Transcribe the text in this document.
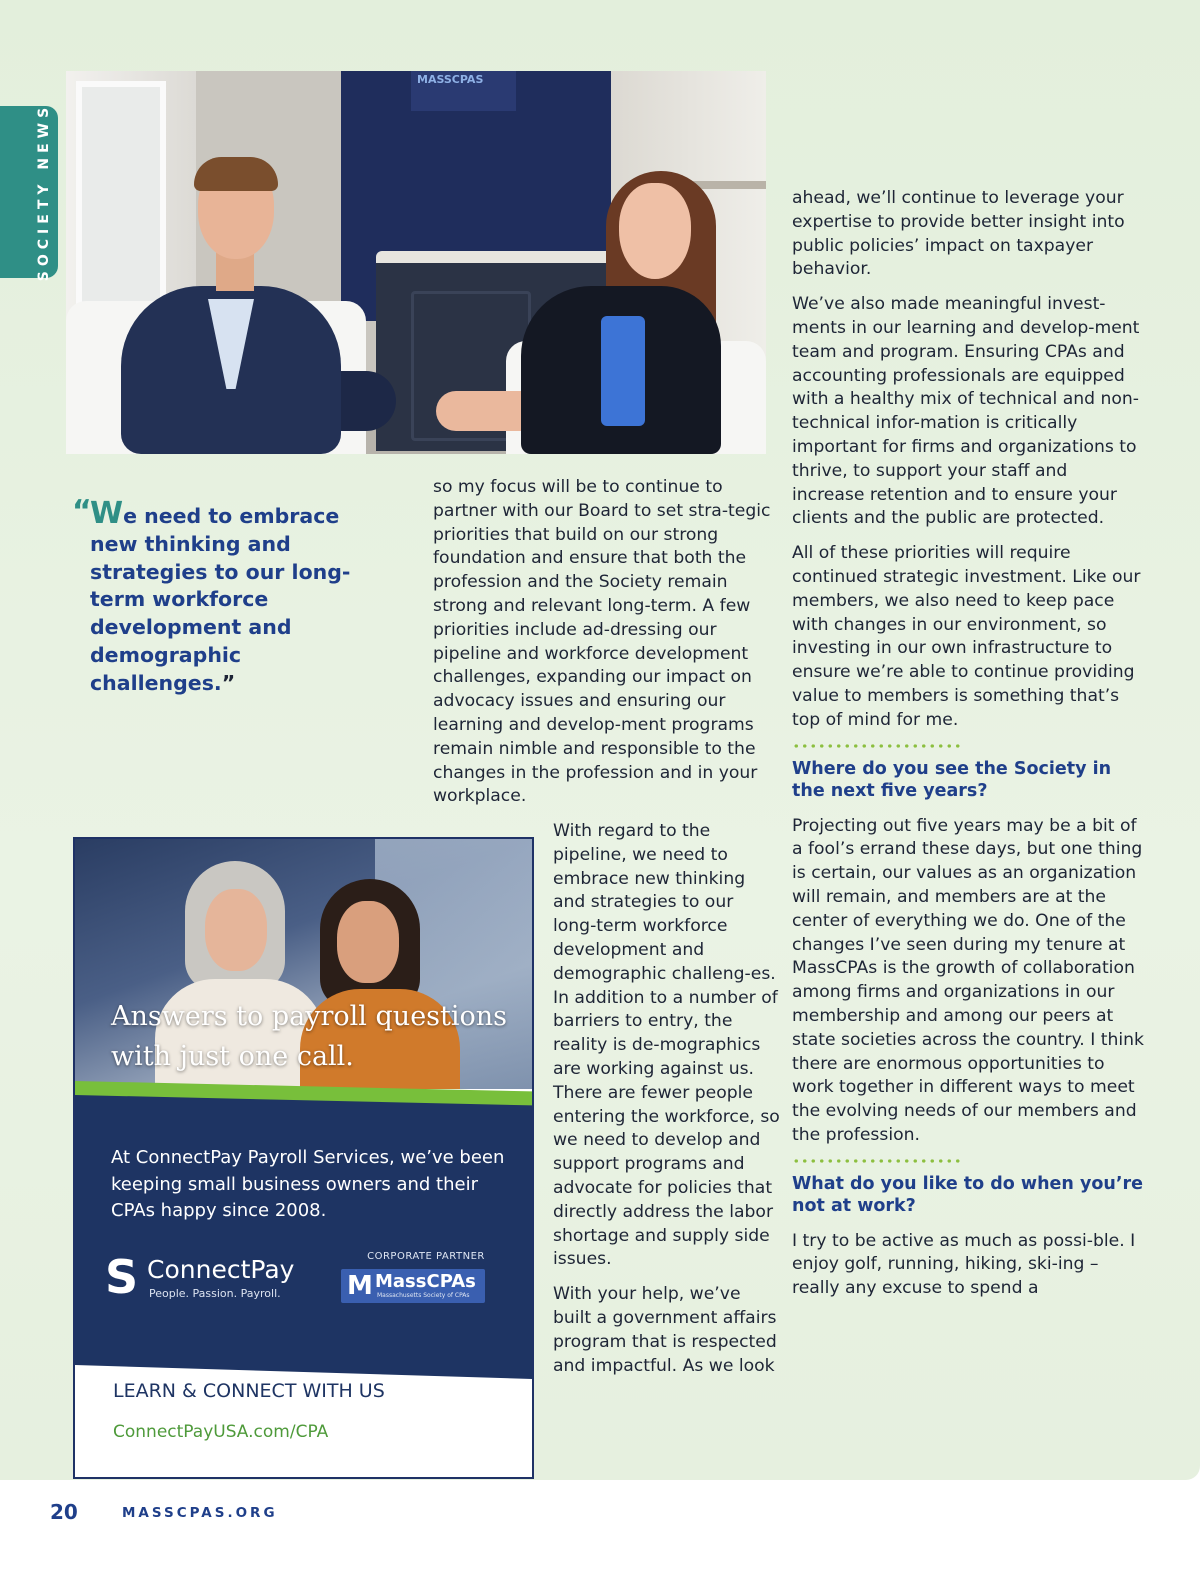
SOCIETY NEWS
MASSCPAS
“
We need to embrace new thinking and strategies to our long-term workforce development and demographic challenges.”

so my focus will be to continue to partner with our Board to set stra-tegic priorities that build on our strong foundation and ensure that both the profession and the Society remain strong and relevant long-term. A few priorities include ad-dressing our pipeline and workforce development challenges, expanding our impact on advocacy issues and ensuring our learning and develop-ment programs remain nimble and responsible to the changes in the profession and in your workplace.

With regard to the pipeline, we need to embrace new thinking and strategies to our long-term workforce development and demographic challeng-es. In addition to a number of barriers to entry, the reality is de-mographics are working against us. There are fewer people entering the workforce, so we need to develop and support programs and advocate for policies that directly address the labor shortage and supply side issues.

With your help, we’ve built a government affairs program that is respected and impactful. As we look

ahead, we’ll continue to leverage your expertise to provide better insight into public policies’ impact on taxpayer behavior.

We’ve also made meaningful invest-ments in our learning and develop-ment team and program. Ensuring CPAs and accounting professionals are equipped with a healthy mix of technical and non-technical infor-mation is critically important for firms and organizations to thrive, to support your staff and increase retention and to ensure your clients and the public are protected.

All of these priorities will require continued strategic investment. Like our members, we also need to keep pace with changes in our environment, so investing in our own infrastructure to ensure we’re able to continue providing value to members is something that’s top of mind for me.

Where do you see the Society in the next five years?

Projecting out five years may be a bit of a fool’s errand these days, but one thing is certain, our values as an organization will remain, and members are at the center of everything we do. One of the changes I’ve seen during my tenure at MassCPAs is the growth of collaboration among firms and organizations in our membership and among our peers at state societies across the country. I think there are enormous opportunities to work together in different ways to meet the evolving needs of our members and the profession.

What do you like to do when you’re not at work?

I try to be active as much as possi-ble. I enjoy golf, running, hiking, ski-ing – really any excuse to spend a

Answers to payroll questions
with just one call.
At ConnectPay Payroll Services, we’ve been keeping small business owners and their CPAs happy since 2008.
S ConnectPay
People. Passion. Payroll.
CORPORATE PARTNER
M MassCPAs
Massachusetts Society of CPAs
LEARN & CONNECT WITH US
ConnectPayUSA.com/CPA
20	MASSCPAS.ORG
